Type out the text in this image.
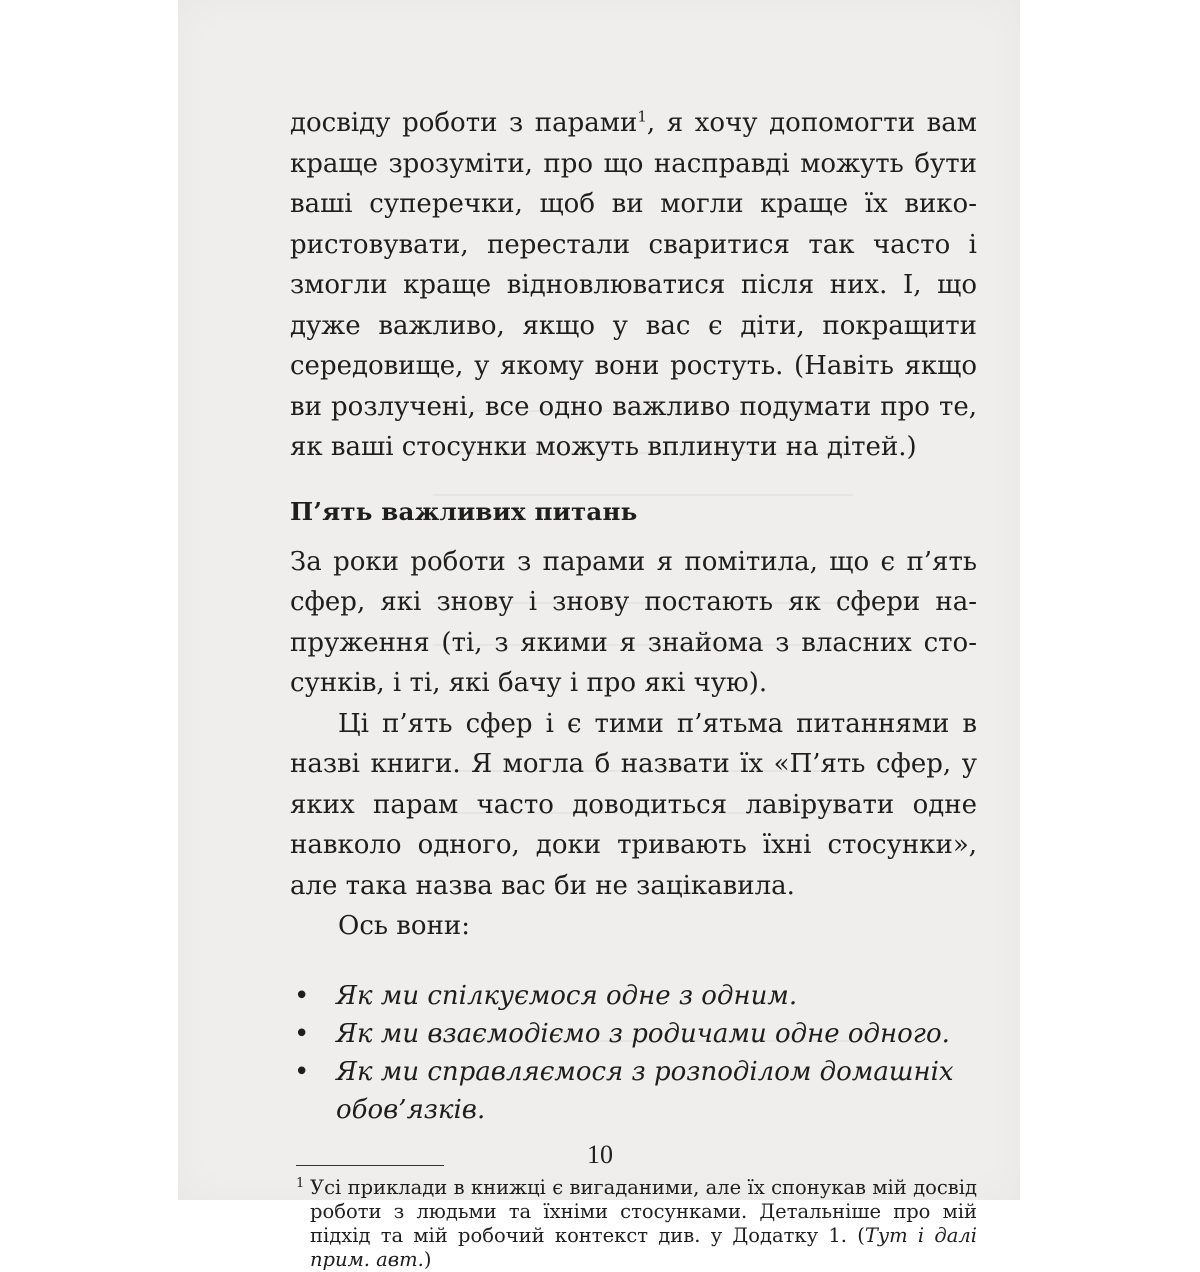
досвіду роботи з парами$^1$, я хочу допомогти вам краще зрозуміти, про що насправді можуть бути ваші суперечки, щоб ви могли краще їх використовувати, перестали сваритися так часто і змогли краще відновлюватися після них. І, що дуже важливо, якщо у вас є діти, покращити середовище, у якому вони ростуть. (Навіть якщо ви розлучені, все одно важливо подумати про те, як ваші стосунки можуть вплинути на дітей.)

П’ять важливих питань

За роки роботи з парами я помітила, що є п’ять сфер, які знову і знову постають як сфери напруження (ті, з якими я знайома з власних стосунків, і ті, які бачу і про які чую).

Ці п’ять сфер і є тими п’ятьма питаннями в назві книги. Я могла б назвати їх «П’ять сфер, у яких парам часто доводиться лавірувати одне навколо одного, доки тривають їхні стосунки», але така назва вас би не зацікавила.

Ось вони:

• Як ми спілкуємося одне з одним.
• Як ми взаємодіємо з родичами одне одного.
• Як ми справляємося з розподілом домашніх обов’язків.
1 Усі приклади в книжці є вигаданими, але їх спонукав мій досвід роботи з людьми та їхніми стосунками. Детальніше про мій підхід та мій робочий контекст див. у Додатку 1. (Тут і далі прим. авт.)
10
